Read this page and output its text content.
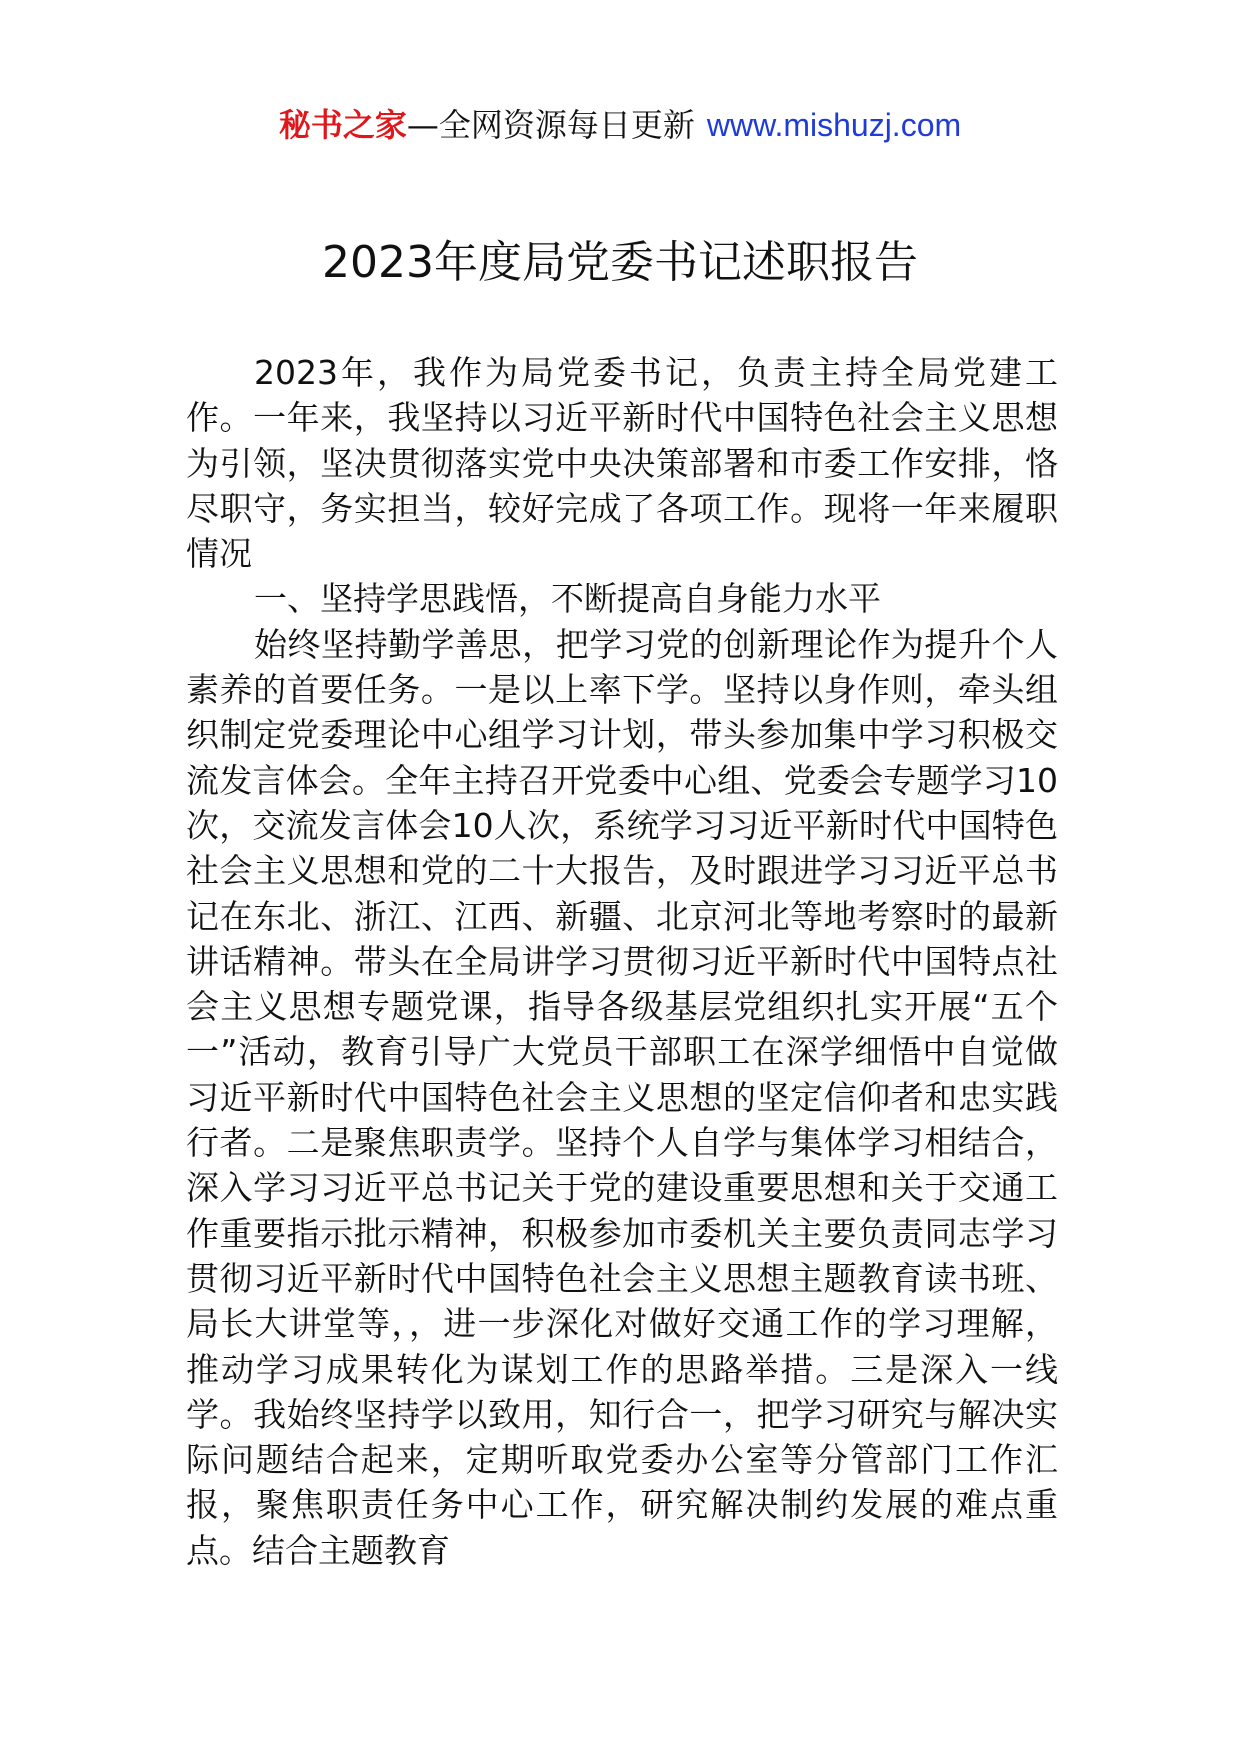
秘书之家—全网资源每日更新 www.mishuzj.com
2023年度局党委书记述职报告

2023年，我作为局党委书记，负责主持全局党建工作。一年来，我坚持以习近平新时代中国特色社会主义思想为引领，坚决贯彻落实党中央决策部署和市委工作安排，恪尽职守，务实担当，较好完成了各项工作。现将一年来履职情况

一、坚持学思践悟，不断提高自身能力水平

始终坚持勤学善思，把学习党的创新理论作为提升个人素养的首要任务。一是以上率下学。坚持以身作则，牵头组织制定党委理论中心组学习计划，带头参加集中学习积极交流发言体会。全年主持召开党委中心组、党委会专题学习10次，交流发言体会10人次，系统学习习近平新时代中国特色社会主义思想和党的二十大报告，及时跟进学习习近平总书记在东北、浙江、江西、新疆、北京河北等地考察时的最新讲话精神。带头在全局讲学习贯彻习近平新时代中国特点社会主义思想专题党课，指导各级基层党组织扎实开展“五个一”活动，教育引导广大党员干部职工在深学细悟中自觉做习近平新时代中国特色社会主义思想的坚定信仰者和忠实践行者。二是聚焦职责学。坚持个人自学与集体学习相结合，深入学习习近平总书记关于党的建设重要思想和关于交通工作重要指示批示精神，积极参加市委机关主要负责同志学习贯彻习近平新时代中国特色社会主义思想主题教育读书班、局长大讲堂等，，进一步深化对做好交通工作的学习理解，推动学习成果转化为谋划工作的思路举措。三是深入一线学。我始终坚持学以致用，知行合一，把学习研究与解决实际问题结合起来，定期听取党委办公室等分管部门工作汇报，聚焦职责任务中心工作，研究解决制约发展的难点重点。结合主题教育
